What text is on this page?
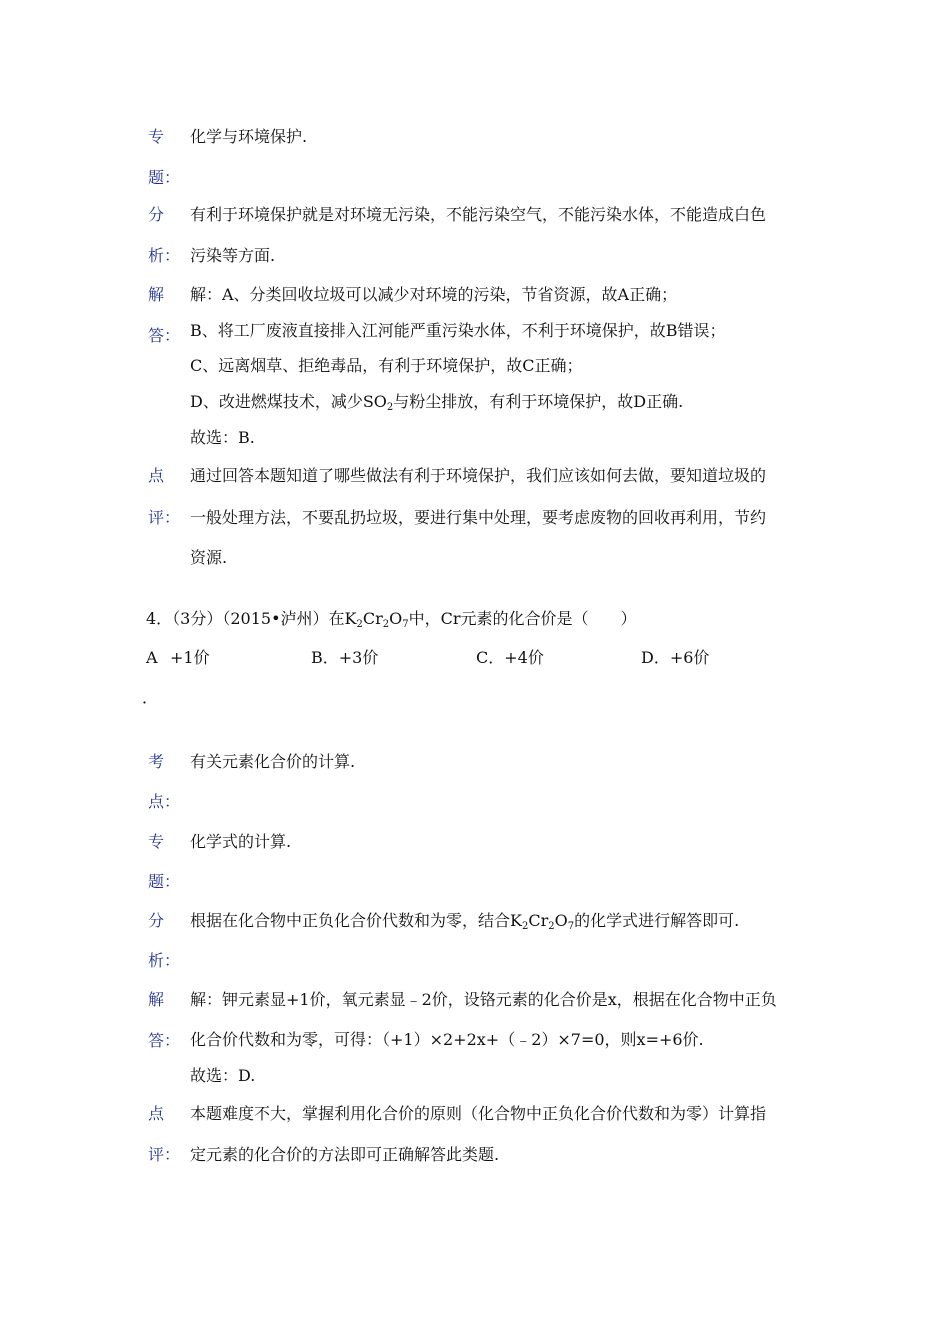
专 化学与环境保护.
题：
分 有利于环境保护就是对环境无污染，不能污染空气，不能污染水体，不能造成白色
析： 污染等方面.
解 解：A、分类回收垃圾可以减少对环境的污染，节省资源，故A正确；
答： B、将工厂废液直接排入江河能严重污染水体，不利于环境保护，故B错误；
C、远离烟草、拒绝毒品，有利于环境保护，故C正确；
D、改进燃煤技术，减少$SO_2$与粉尘排放，有利于环境保护，故D正确.
故选：B.
点 通过回答本题知道了哪些做法有利于环境保护，我们应该如何去做，要知道垃圾的
评： 一般处理方法，不要乱扔垃圾，要进行集中处理，要考虑废物的回收再利用，节约
资源.
4．（3分）（2015•泸州）在$K_2Cr_2O_7$中，Cr元素的化合价是（　　）
A +1价	B．+3价	C．+4价	D．+6价
．
考 有关元素化合价的计算.
点：
专 化学式的计算.
题：
分 根据在化合物中正负化合价代数和为零，结合$K_2Cr_2O_7$的化学式进行解答即可.
析：
解 解：钾元素显+1价，氧元素显﹣2价，设铬元素的化合价是x，根据在化合物中正负
答： 化合价代数和为零，可得：（+1）×2+2x+（﹣2）×7=0，则x=+6价.
故选：D.
点 本题难度不大，掌握利用化合价的原则（化合物中正负化合价代数和为零）计算指
评： 定元素的化合价的方法即可正确解答此类题.
